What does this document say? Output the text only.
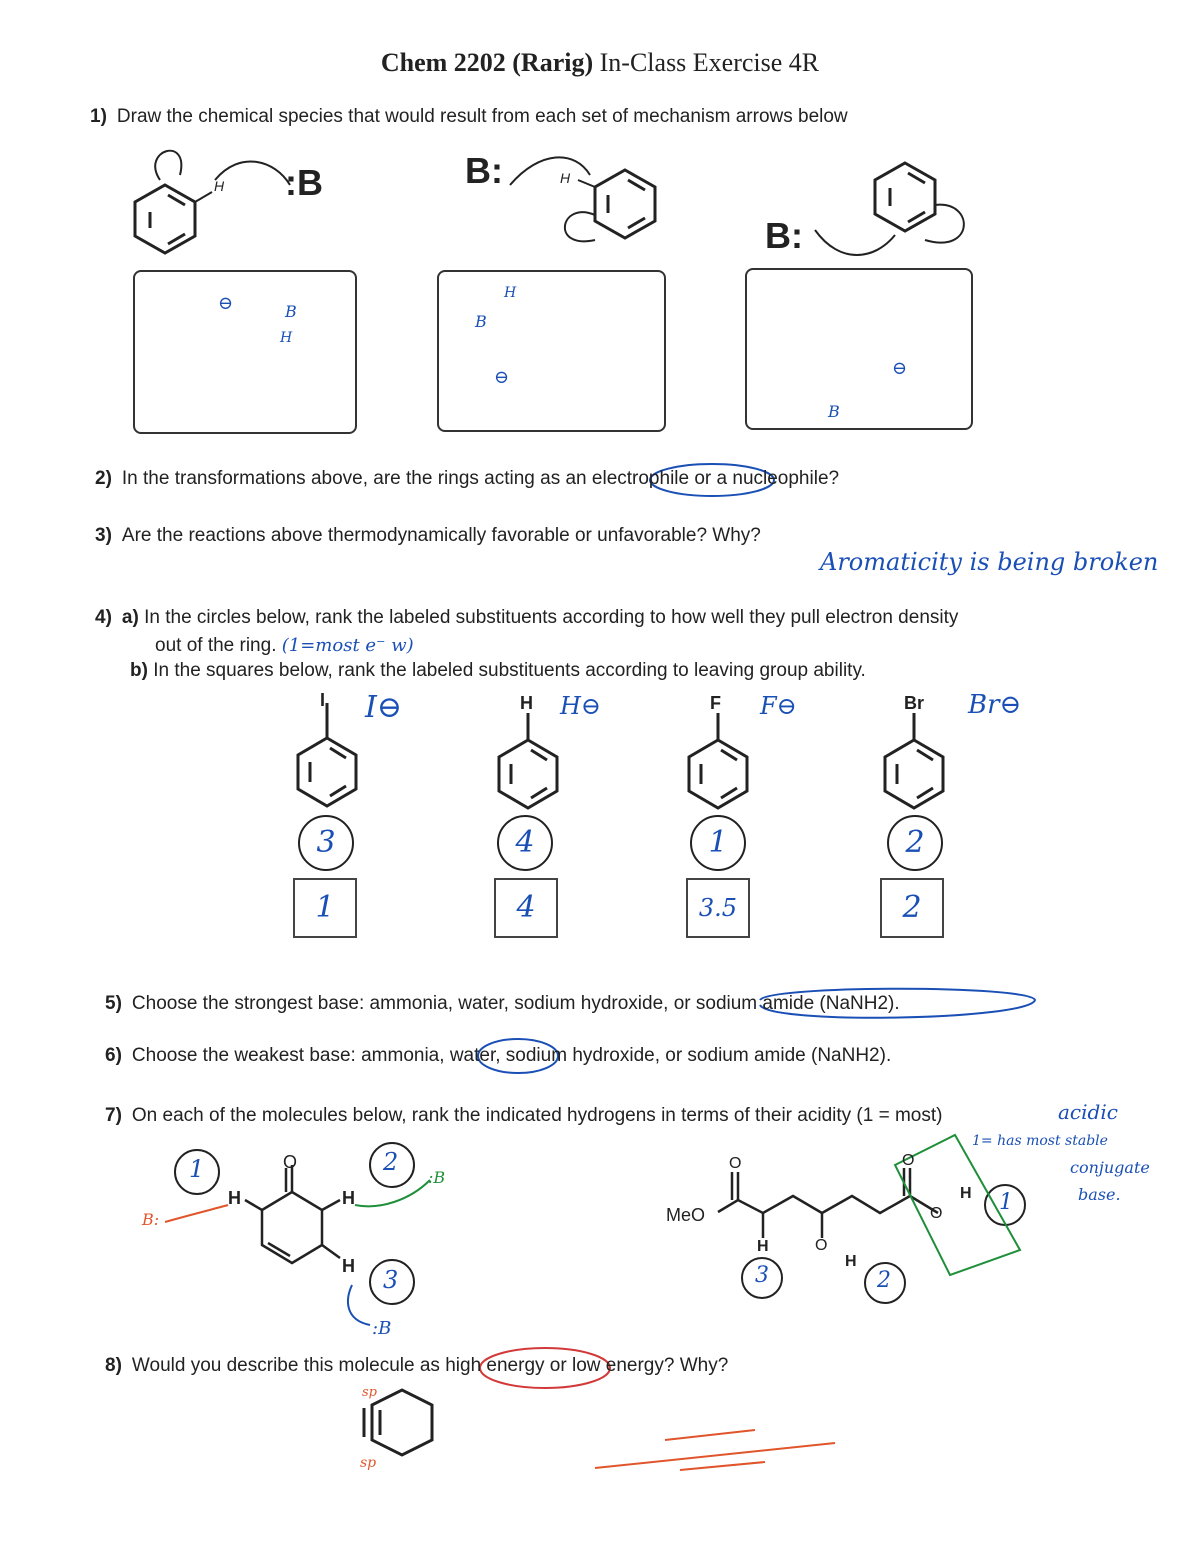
Chem 2202 (Rarig) In-Class Exercise 4R
1) Draw the chemical species that would result from each set of mechanism arrows below
:B	B:
B:
H	H
B
H
⊖
B
H
⊖
B
⊖
2) In the transformations above, are the rings acting as an electrophile or a nucleophile?
3) Are the reactions above thermodynamically favorable or unfavorable? Why?
Aromaticity is being broken
4) a) In the circles below, rank the labeled substituents according to how well they pull electron density
out of the ring. (1=most e⁻ w)
b) In the squares below, rank the labeled substituents according to leaving group ability.
I I⊖	H H⊖	F F⊖	Br Br⊖
3	4	1	2
1	4	3.5	2
5) Choose the strongest base: ammonia, water, sodium hydroxide, or sodium amide (NaNH2).
6) Choose the weakest base: ammonia, water, sodium hydroxide, or sodium amide (NaNH2).
7) On each of the molecules below, rank the indicated hydrogens in terms of their acidity (1 = most)	acidic
1= has most stable
conjugate
base.
O
H	H
H
1	2
3
B:
:B
:B
MeO
O	O
O
H
H	O
H
1
2
3
8) Would you describe this molecule as high energy or low energy? Why?
sp
sp
